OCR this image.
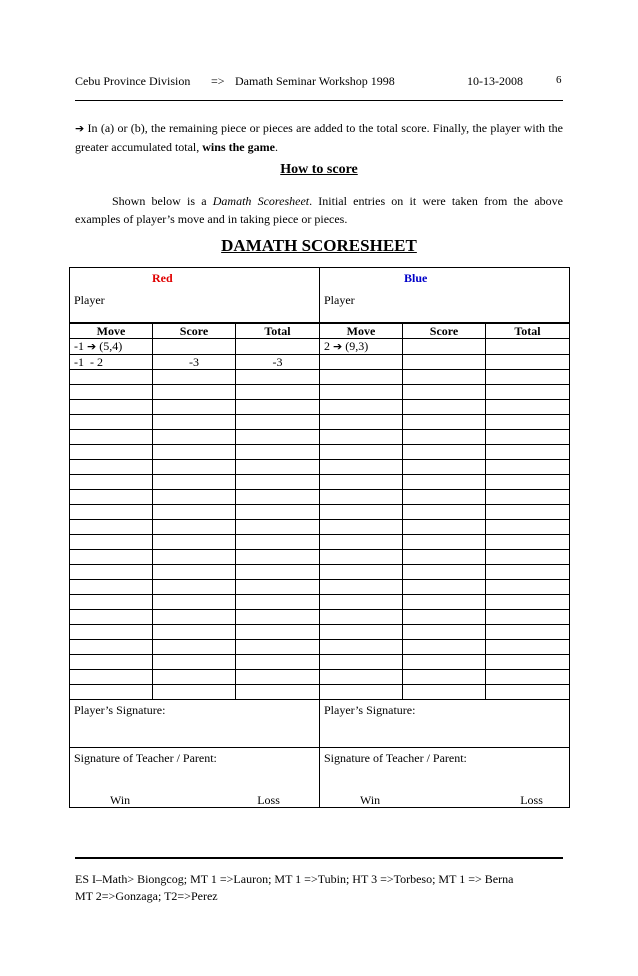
Cebu Province Division => Damath Seminar Workshop 1998	10-13-2008	6
➔ In (a) or (b), the remaining piece or pieces are added to the total score. Finally, the player with the greater accumulated total, wins the game.
How to score
Shown below is a Damath Scoresheet. Initial entries on it were taken from the above examples of player’s move and in taking piece or pieces.
DAMATH SCORESHEET
Red			Blue		
Player			Player		

Move	Score	Total	Move	Score	Total
-1 ➔ (5,4)			2 ➔ (9,3)		
-1  - 2	-3	-3			

Player’s Signature:			Player’s Signature:		
Signature of Teacher / Parent:			Signature of Teacher / Parent:		
Win Loss			Win Loss		
ES I–Math> Biongcog; MT 1 =>Lauron; MT 1 =>Tubin; HT 3 =>Torbeso; MT 1 => Berna
MT 2=>Gonzaga; T2=>Perez
